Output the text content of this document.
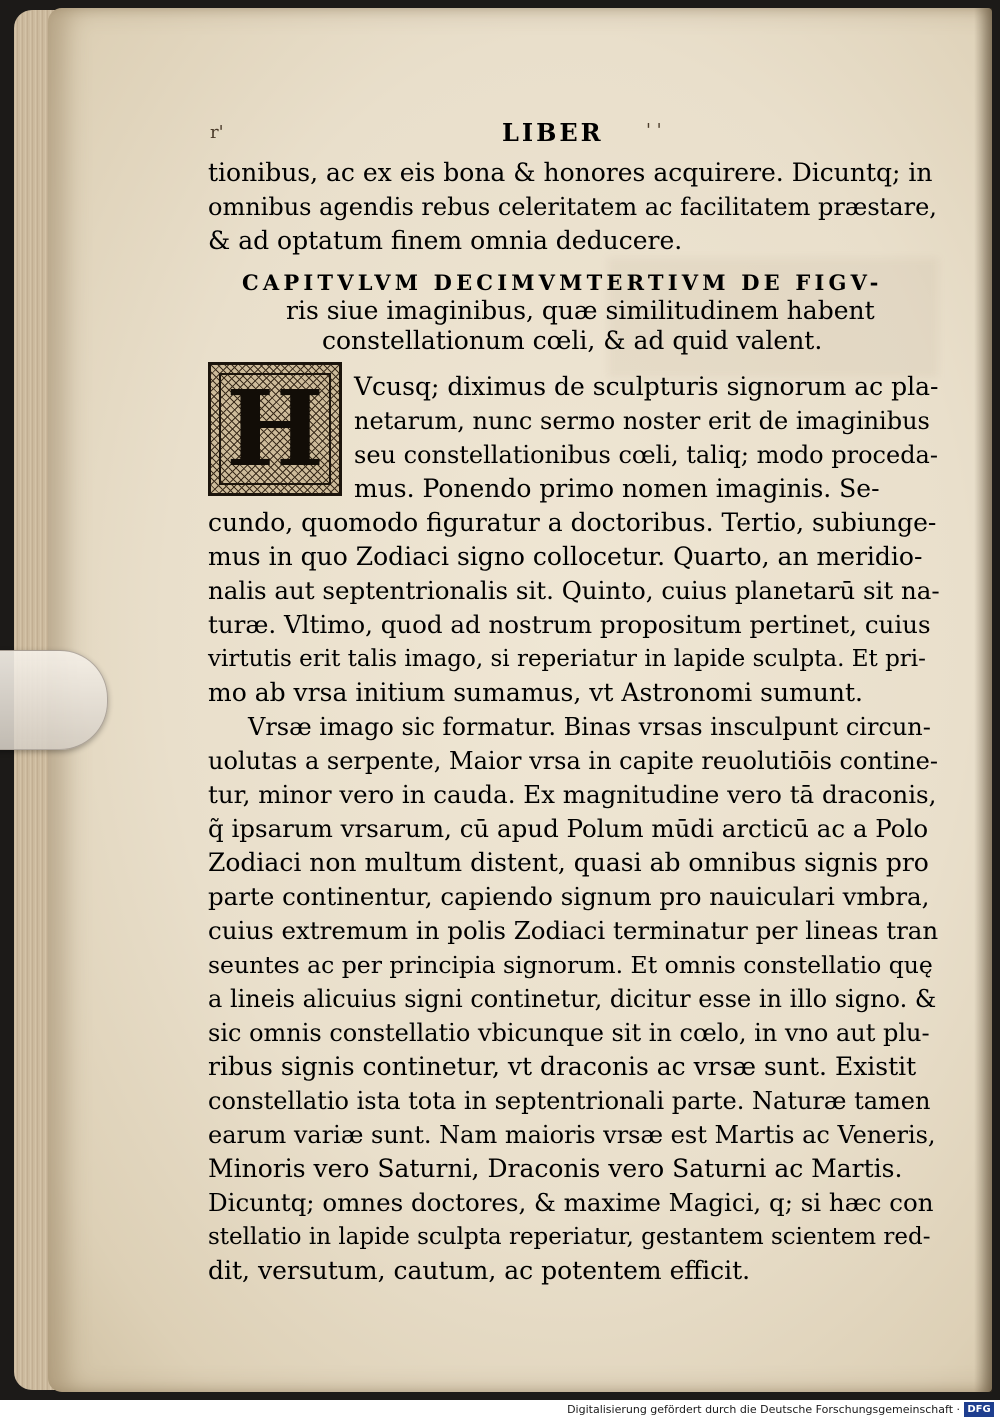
r'	LIBER ' '
tionibus, ac ex eis bona & honores acquirere. Dicuntq; in
omnibus agendis rebus celeritatem ac facilitatem præstare,
& ad optatum finem omnia deducere.
CAPITVLVM DECIMVMTERTIVM DE FIGV-
ris siue imaginibus, quæ similitudinem habent
constellationum cœli, & ad quid valent.
H	Vcusq; diximus de sculpturis signorum ac pla-
netarum, nunc sermo noster erit de imaginibus
seu constellationibus cœli, taliq; modo proceda-
mus. Ponendo primo nomen imaginis. Se-
cundo, quomodo figuratur a doctoribus. Tertio, subiunge-
mus in quo Zodiaci signo collocetur. Quarto, an meridio-
nalis aut septentrionalis sit. Quinto, cuius planetarū sit na-
turæ. Vltimo, quod ad nostrum propositum pertinet, cuius
virtutis erit talis imago, si reperiatur in lapide sculpta. Et pri-
mo ab vrsa initium sumamus, vt Astronomi sumunt.
Vrsæ imago sic formatur. Binas vrsas insculpunt circun-
uolutas a serpente, Maior vrsa in capite reuolutiōis contine-
tur, minor vero in cauda. Ex magnitudine vero tā draconis,
q̃ ipsarum vrsarum, cū apud Polum mūdi arcticū ac a Polo
Zodiaci non multum distent, quasi ab omnibus signis pro
parte continentur, capiendo signum pro nauiculari vmbra,
cuius extremum in polis Zodiaci terminatur per lineas tran
seuntes ac per principia signorum. Et omnis constellatio quę
a lineis alicuius signi continetur, dicitur esse in illo signo. &
sic omnis constellatio vbicunque sit in cœlo, in vno aut plu-
ribus signis continetur, vt draconis ac vrsæ sunt. Existit
constellatio ista tota in septentrionali parte. Naturæ tamen
earum variæ sunt. Nam maioris vrsæ est Martis ac Veneris,
Minoris vero Saturni, Draconis vero Saturni ac Martis.
Dicuntq; omnes doctores, & maxime Magici, q; si hæc con
stellatio in lapide sculpta reperiatur, gestantem scientem red-
dit, versutum, cautum, ac potentem efficit.
Digitalisierung gefördert durch die Deutsche Forschungsgemeinschaft · DFG
